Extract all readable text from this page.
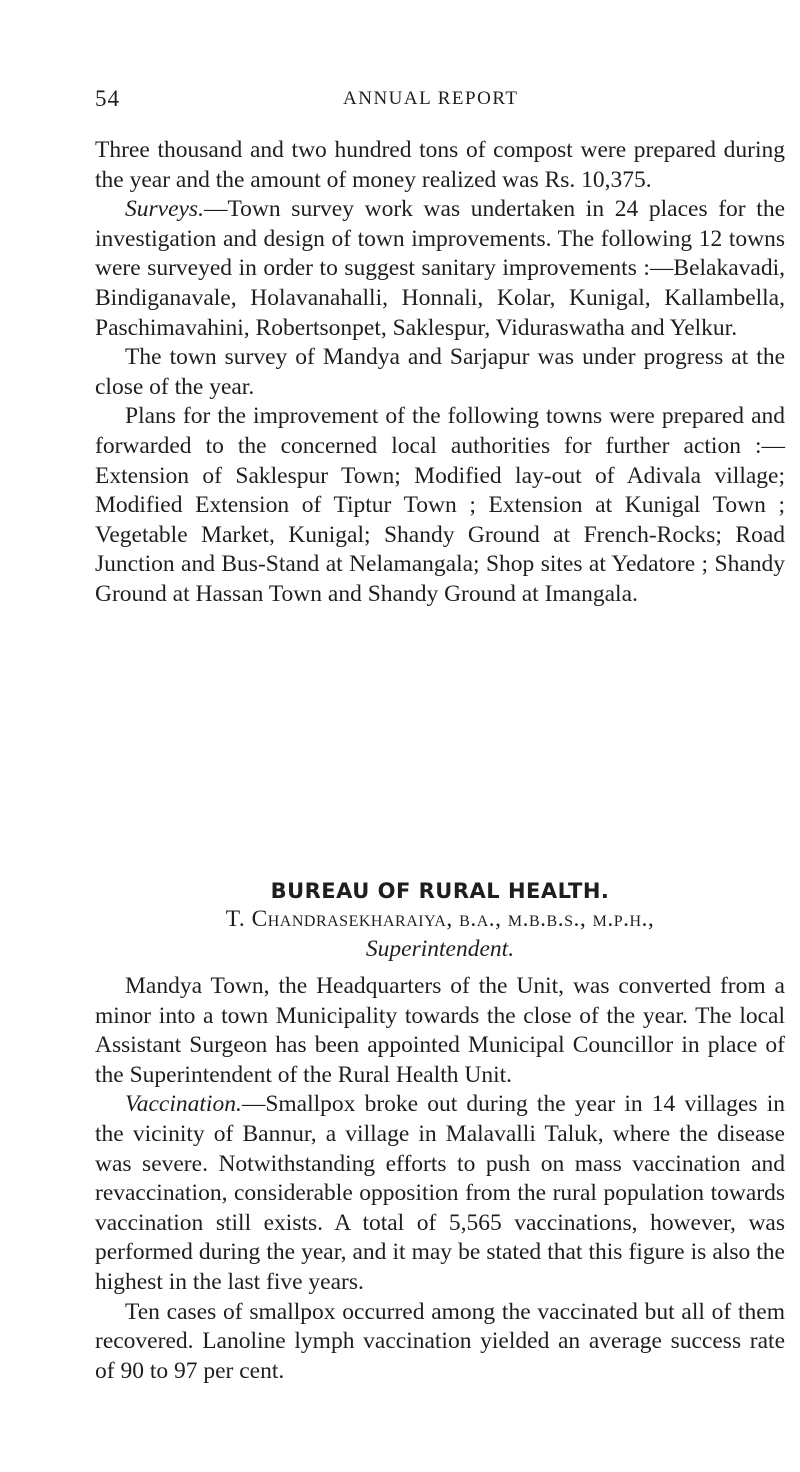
54	ANNUAL REPORT

Three thousand and two hundred tons of compost were prepared during the year and the amount of money realized was Rs. 10,375.

Surveys.—Town survey work was undertaken in 24 places for the investigation and design of town improvements. The following 12 towns were surveyed in order to suggest sanitary improvements :—Belakavadi, Bindiganavale, Holavanahalli, Honnali, Kolar, Kunigal, Kallambella, Paschimavahini, Robertsonpet, Saklespur, Viduraswatha and Yelkur.

The town survey of Mandya and Sarjapur was under progress at the close of the year.

Plans for the improvement of the following towns were prepared and forwarded to the concerned local authorities for further action :—Extension of Saklespur Town; Modified lay-out of Adivala village; Modified Extension of Tiptur Town ; Extension at Kunigal Town ; Vegetable Market, Kunigal; Shandy Ground at French-Rocks; Road Junction and Bus-Stand at Nelamangala; Shop sites at Yedatore ; Shandy Ground at Hassan Town and Shandy Ground at Imangala.

BUREAU OF RURAL HEALTH.
T. Chandrasekharaiya, b.a., m.b.b.s., m.p.h.,
Superintendent.

Mandya Town, the Headquarters of the Unit, was converted from a minor into a town Municipality towards the close of the year. The local Assistant Surgeon has been appointed Municipal Councillor in place of the Superintendent of the Rural Health Unit.

Vaccination.—Smallpox broke out during the year in 14 villages in the vicinity of Bannur, a village in Malavalli Taluk, where the disease was severe. Notwithstanding efforts to push on mass vaccination and revaccination, considerable opposition from the rural population towards vaccination still exists. A total of 5,565 vaccinations, however, was performed during the year, and it may be stated that this figure is also the highest in the last five years.

Ten cases of smallpox occurred among the vaccinated but all of them recovered. Lanoline lymph vaccination yielded an average success rate of 90 to 97 per cent.
